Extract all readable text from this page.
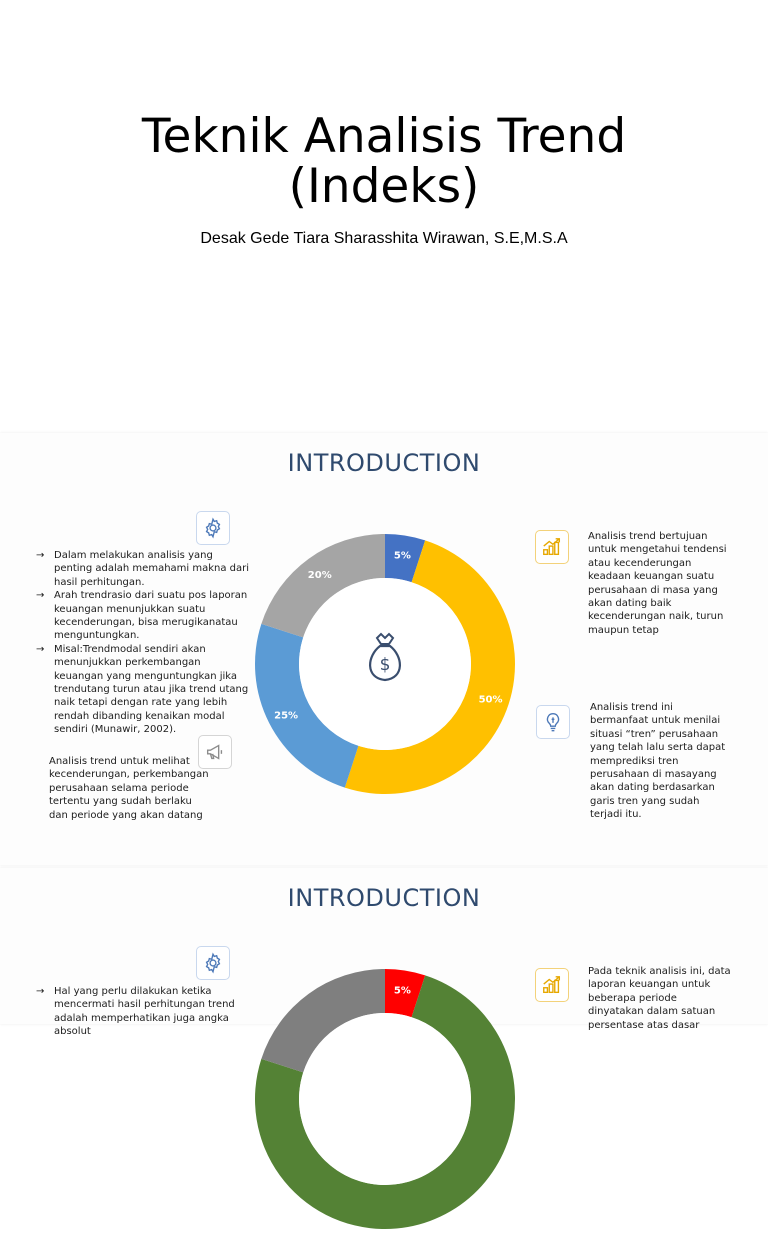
Teknik Analisis Trend
(Indeks)
Desak Gede Tiara Sharasshita Wirawan, S.E,M.S.A
INTRODUCTION
→ Dalam melakukan analisis yang penting adalah memahami makna dari hasil perhitungan.
→ Arah trendrasio dari suatu pos laporan keuangan menunjukkan suatu kecenderungan, bisa merugikanatau menguntungkan.
→ Misal:Trendmodal sendiri akan menunjukkan perkembangan keuangan yang menguntungkan jika trendutang turun atau jika trend utang naik tetapi dengan rate yang lebih rendah dibanding kenaikan modal sendiri (Munawir, 2002).
Analisis trend untuk melihat kecenderungan, perkembangan perusahaan selama periode tertentu yang sudah berlaku dan periode yang akan datang
$
5%
50%
25%
20%
Analisis trend bertujuan untuk mengetahui tendensi atau kecenderungan keadaan keuangan suatu perusahaan di masa yang akan dating baik kecenderungan naik, turun maupun tetap
Analisis trend ini bermanfaat untuk menilai situasi “tren” perusahaan yang telah lalu serta dapat memprediksi tren perusahaan di masayang akan dating berdasarkan garis tren yang sudah terjadi itu.
INTRODUCTION
→ Hal yang perlu dilakukan ketika mencermati hasil perhitungan trend adalah memperhatikan juga angka absolut
5%
Pada teknik analisis ini, data laporan keuangan untuk beberapa periode dinyatakan dalam satuan persentase atas dasar
